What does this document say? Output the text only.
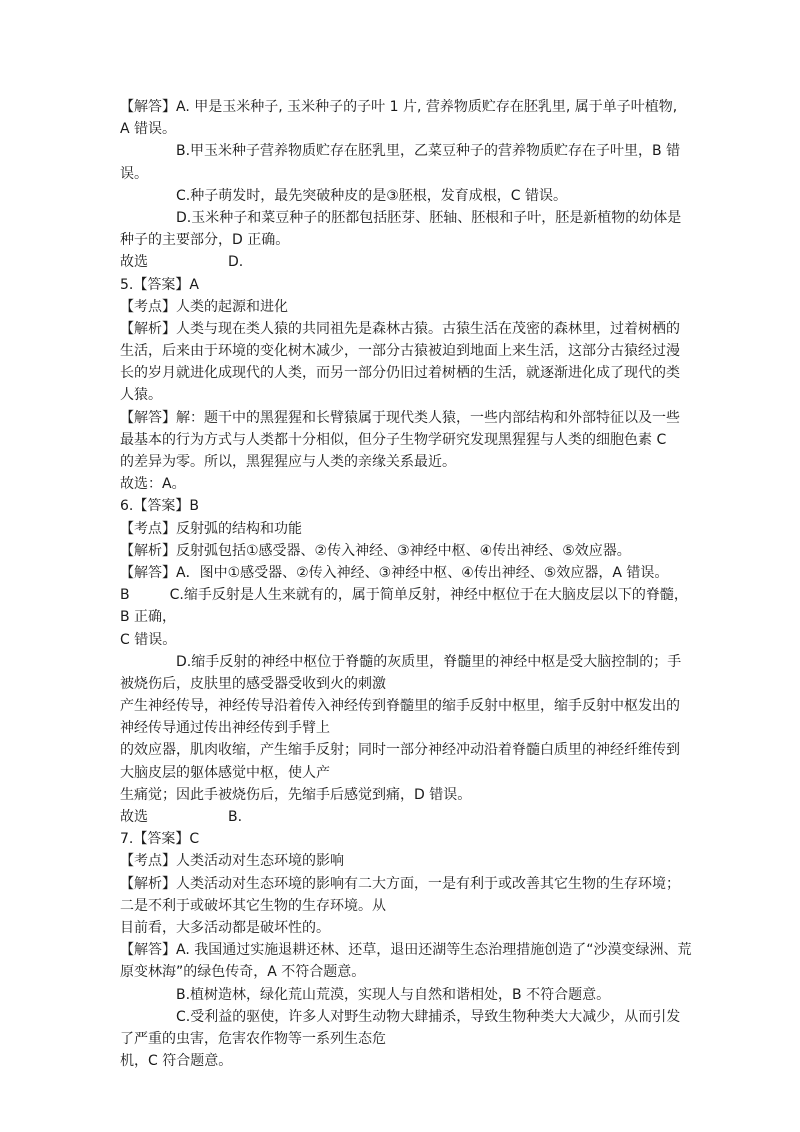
【解答】A. 甲是玉米种子, 玉米种子的子叶 1 片, 营养物质贮存在胚乳里, 属于单子叶植物,
A 错误。
B.甲玉米种子营养物质贮存在胚乳里，乙菜豆种子的营养物质贮存在子叶里，B 错
误。
C.种子萌发时，最先突破种皮的是③胚根，发育成根，C 错误。
D.玉米种子和菜豆种子的胚都包括胚芽、胚轴、胚根和子叶，胚是新植物的幼体是
种子的主要部分，D 正确。
故选	D.
5.【答案】A
【考点】人类的起源和进化
【解析】人类与现在类人猿的共同祖先是森林古猿。古猿生活在茂密的森林里，过着树栖的
生活，后来由于环境的变化树木减少，一部分古猿被迫到地面上来生活，这部分古猿经过漫
长的岁月就进化成现代的人类，而另一部分仍旧过着树栖的生活，就逐渐进化成了现代的类
人猿。
【解答】解：题干中的黑猩猩和长臂猿属于现代类人猿，一些内部结构和外部特征以及一些
最基本的行为方式与人类都十分相似，但分子生物学研究发现黑猩猩与人类的细胞色素 C
的差异为零。所以，黑猩猩应与人类的亲缘关系最近。
故选：A。
6.【答案】B
【考点】反射弧的结构和功能
【解析】反射弧包括①感受器、②传入神经、③神经中枢、④传出神经、⑤效应器。
【解答】A．图中①感受器、②传入神经、③神经中枢、④传出神经、⑤效应器，A 错误。
B	C.缩手反射是人生来就有的，属于简单反射，神经中枢位于在大脑皮层以下的脊髓，
B 正确，
C 错误。
D.缩手反射的神经中枢位于脊髓的灰质里，脊髓里的神经中枢是受大脑控制的；手
被烧伤后，皮肤里的感受器受收到火的刺激
产生神经传导，神经传导沿着传入神经传到脊髓里的缩手反射中枢里，缩手反射中枢发出的
神经传导通过传出神经传到手臂上
的效应器，肌肉收缩，产生缩手反射；同时一部分神经冲动沿着脊髓白质里的神经纤维传到
大脑皮层的躯体感觉中枢，使人产
生痛觉；因此手被烧伤后，先缩手后感觉到痛，D 错误。
故选	B.
7.【答案】C
【考点】人类活动对生态环境的影响
【解析】人类活动对生态环境的影响有二大方面，一是有利于或改善其它生物的生存环境；
二是不利于或破坏其它生物的生存环境。从
目前看，大多活动都是破坏性的。
【解答】A. 我国通过实施退耕还林、还草，退田还湖等生态治理措施创造了“沙漠变绿洲、荒
原变林海”的绿色传奇，A 不符合题意。
B.植树造林，绿化荒山荒漠，实现人与自然和谐相处，B 不符合题意。
C.受利益的驱使，许多人对野生动物大肆捕杀，导致生物种类大大减少，从而引发
了严重的虫害，危害农作物等一系列生态危
机，C 符合题意。
